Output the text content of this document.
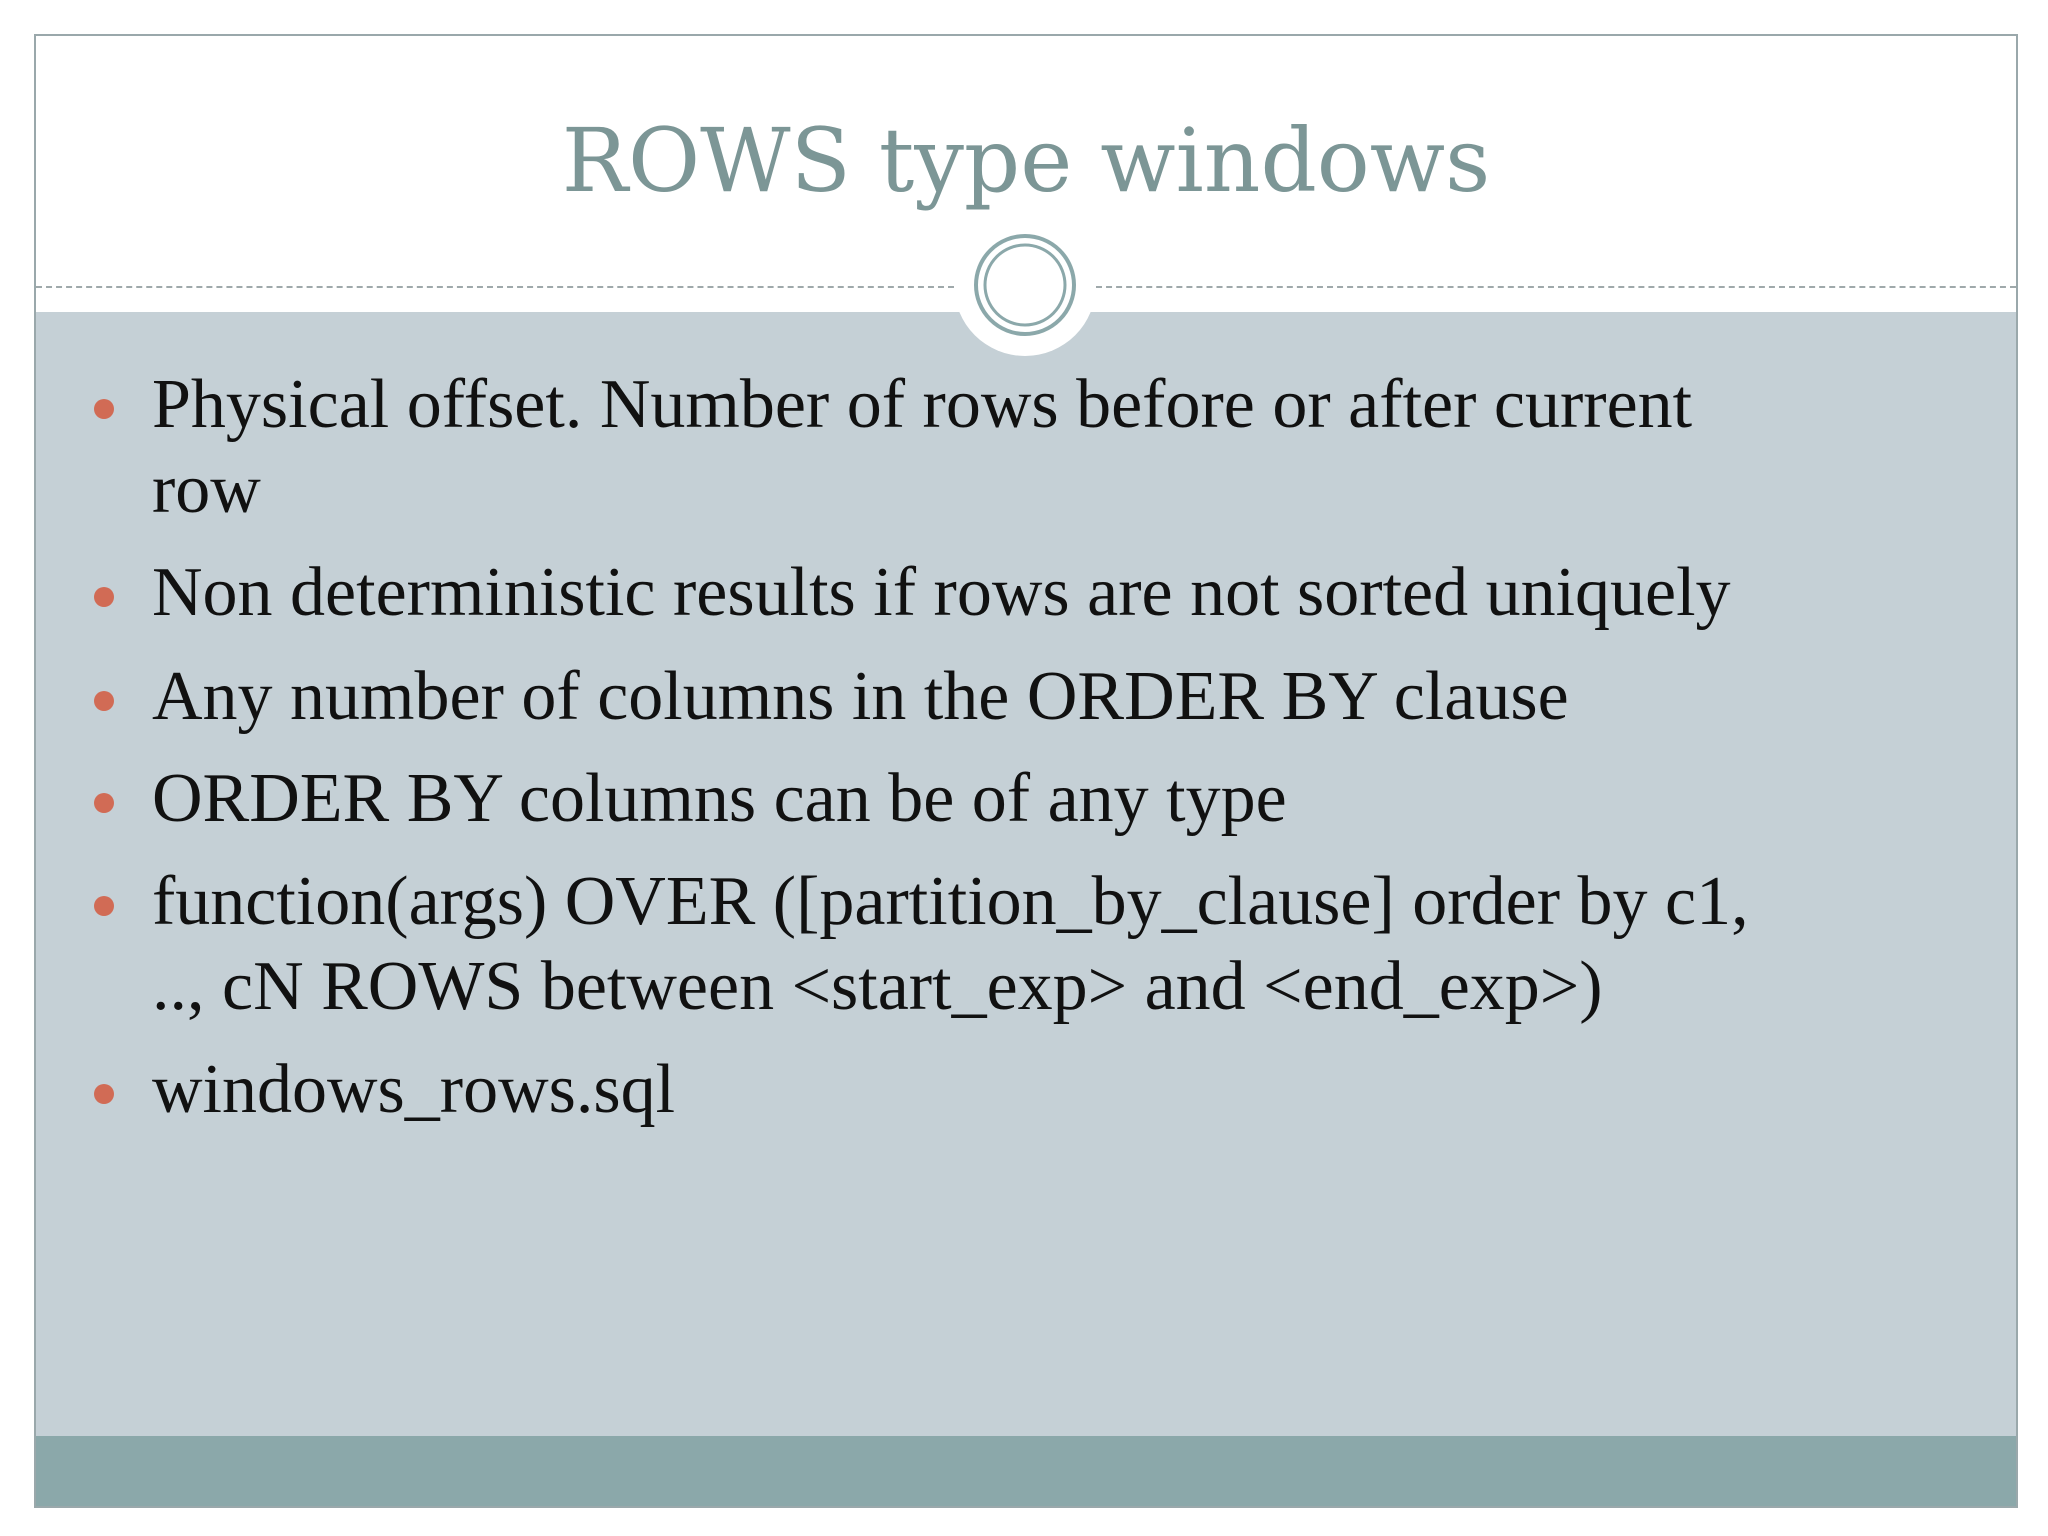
ROWS type windows
Physical offset. Number of rows before or after current
row
Non deterministic results if rows are not sorted uniquely
Any number of columns in the ORDER BY clause
ORDER BY columns can be of any type
function(args) OVER ([partition_by_clause] order by c1,
.., cN ROWS between <start_exp> and <end_exp>)
windows_rows.sql
